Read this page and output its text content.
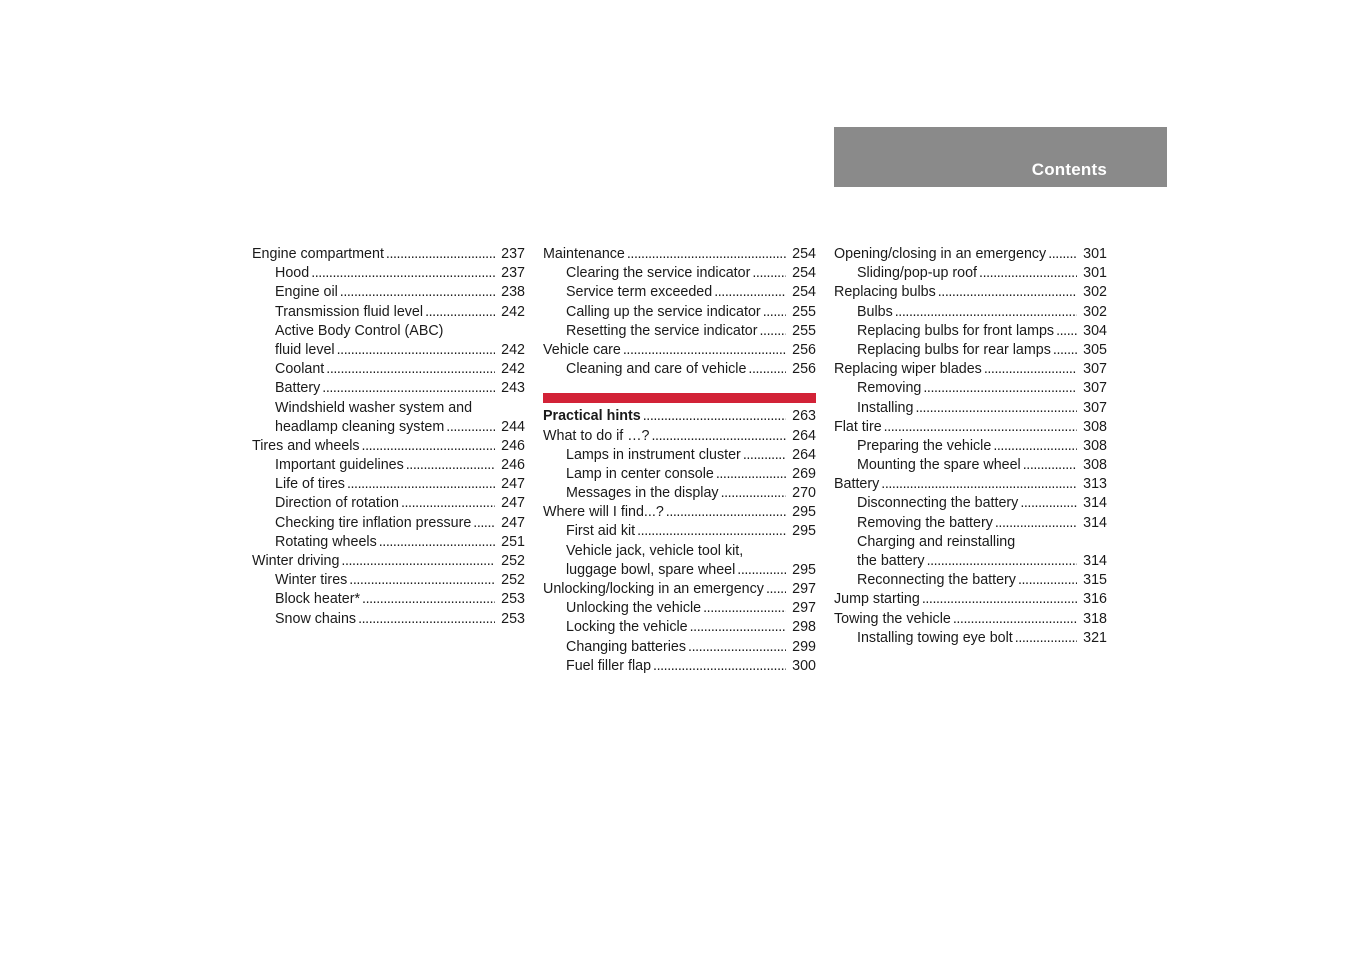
Contents
Engine compartment . . .	237
Hood . . .	237
Engine oil . . .	238
Transmission fluid level . . .	242
Active Body Control (ABC)
fluid level . . .	242
Coolant . . .	242
Battery . . .	243
Windshield washer system and
headlamp cleaning system . . .	244
Tires and wheels . . .	246
Important guidelines . . .	246
Life of tires . . .	247
Direction of rotation . . .	247
Checking tire inflation pressure . . . 247
Rotating wheels . . .	251
Winter driving . . .	252
Winter tires . . .	252
Block heater* . . .	253
Snow chains . . .	253
Maintenance . . .	254
Clearing the service indicator . . .	254
Service term exceeded . . .	254
Calling up the service indicator . . . 255
Resetting the service indicator . . . 255
Vehicle care . . .	256
Cleaning and care of vehicle . . .	256
Practical hints . . .	263
What to do if …? . . .	264
Lamps in instrument cluster . . .	264
Lamp in center console . . .	269
Messages in the display . . .	270
Where will I find...? . . .	295
First aid kit . . .	295
Vehicle jack, vehicle tool kit,
luggage bowl, spare wheel . . .	295
Unlocking/locking in an emergency . . . 297
Unlocking the vehicle . . .	297
Locking the vehicle . . .	298
Changing batteries . . .	299
Fuel filler flap . . .	300
Opening/closing in an emergency . . .	301
Sliding/pop-up roof . . .	301
Replacing bulbs . . .	302
Bulbs . . .	302
Replacing bulbs for front lamps . . . 304
Replacing bulbs for rear lamps . . . 305
Replacing wiper blades . . .	307
Removing . . .	307
Installing . . .	307
Flat tire . . .	308
Preparing the vehicle . . .	308
Mounting the spare wheel . . .	308
Battery . . .	313
Disconnecting the battery . . .	314
Removing the battery . . .	314
Charging and reinstalling
the battery . . .	314
Reconnecting the battery . . .	315
Jump starting . . .	316
Towing the vehicle . . .	318
Installing towing eye bolt . . .	321
